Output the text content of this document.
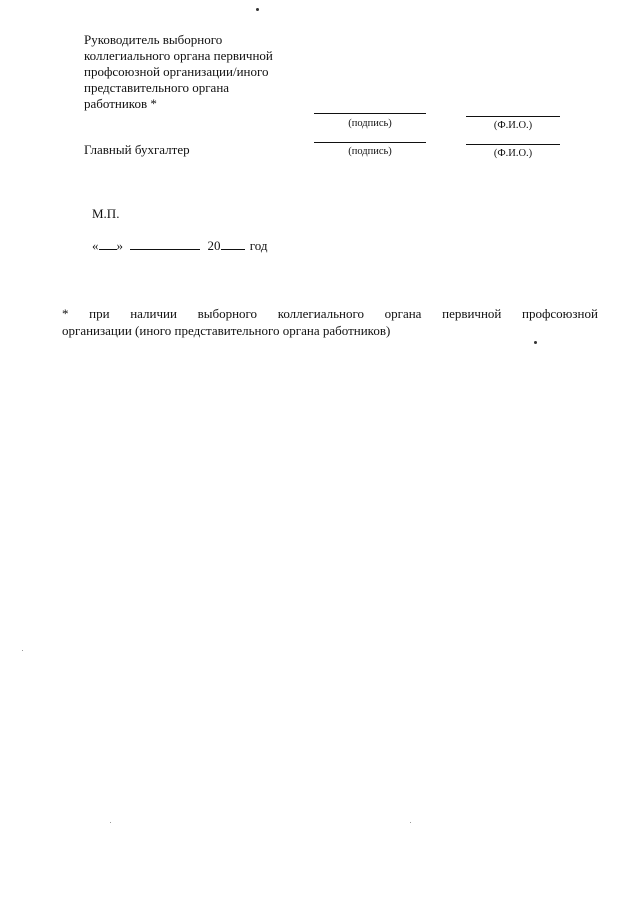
Руководитель выборного
коллегиального органа первичной
профсоюзной организации/иного
представительного органа
работников *
(подпись)	(Ф.И.О.)
Главный бухгалтер	(подпись)	(Ф.И.О.)
М.П.
« »	20 год
* при наличии выборного коллегиального органа первичной профсоюзной
организации (иного представительного органа работников)
